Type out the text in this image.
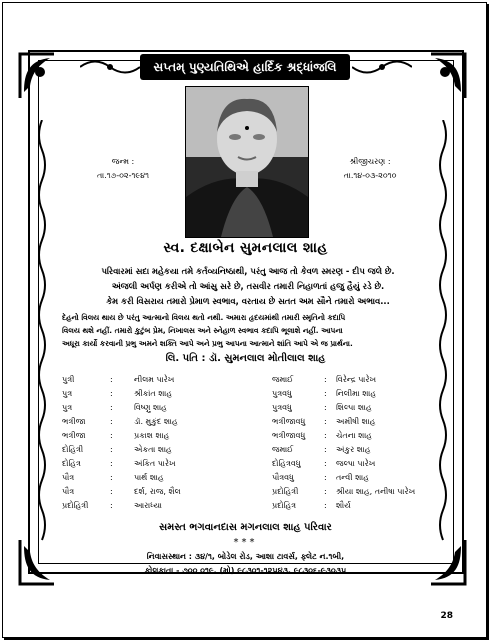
સપ્તમ્ પુણ્યતિથિએ હાર્દિક શ્રદ્ધાંજલિ
જન્મ :
તા.૧૭-૦૨-૧૯૪૧
શ્રીજીચરણ :
તા.૧૪-૦૩-૨૦૧૦
સ્વ. દક્ષાબેન સુમનલાલ શાહ
પરિવારમાં સદા મહેકયા તમે કર્તવ્યનિષ્ઠાથી, પરંતુ આજ તો કેવળ સ્મરણ - દીપ જલે છે.
અંજલી અર્પણ કરીએ તો આંસુ સરે છે, તસવીર તમારી નિહાળતાં હજુ હૈયું રડે છે.
કેમ કરી વિસરાય તમારો પ્રેમાળ સ્વભાવ, વરતાય છે સતત અમ સૌને તમારો અભાવ...
દેહનો વિલય થાય છે પરંતુ આત્માનો વિલય થતો નથી. અમારા હૃદયમાંથી તમારી સ્મૃતિનો કદાપિ
વિલય થશે નહીં. તમારો કુટુંબ પ્રેમ, નિખાલસ અને સ્નેહાળ સ્વભાવ કદાપિ ભૂલાશે નહીં. આપના
અધૂરા કાર્યો કરવાની પ્રભુ અમને શક્તિ આપે અને પ્રભુ આપના આત્માને શાંતિ આપે એ જ પ્રાર્થના.
લિ. પતિ : ડૉ. સુમનલાલ મોતીલાલ શાહ
પુત્રી	:	નીલમ પારેખ	જમાઈ	: વિરેન્દ્ર પારેખ
પુત્ર	:	શ્રીકાંત શાહ	પુત્રવધુ	: નિલીમા શાહ
પુત્ર	:	વિષ્ણુ શાહ	પુત્રવધુ	: શિલ્પા શાહ
ભત્રીજા	:	ડૉ. મુકુંદ શાહ	ભત્રીજાવધુ : અમીષી શાહ
ભત્રીજા	:	પ્રકાશ શાહ	ભત્રીજાવધુ : ચેતના શાહ
દોહિત્રી	:	એકતા શાહ	જમાઈ	: અંકુર શાહ
દોહિત્ર	:	અંકિત પારેખ	દોહિત્રવધુ	: જલ્પા પારેખ
પૌત્ર	:	પાર્થ શાહ	પૌત્રવધુ	: તન્વી શાહ
પૌત્ર	:	દર્શ, રાજ, શૈલ	પ્રદોહિત્રી	: શ્રીયા શાહ, તનીષા પારેખ
પ્રદોહિત્રી	:	આરાધ્યા	પ્રદોહિત્ર	: શૌર્ય
સમસ્ત ભગવાનદાસ મગનલાલ શાહ પરિવાર
***
નિવાસસ્થાન : ૩૪/૧, બોડેલ રોડ, આશા ટાવર્સ, ફ્લેટ ન.૧બી,
કોલકાતા - ૭૦૦ ૦૧૯. (મો) ૯૮૩૦૧-૧૨૫૪૩, ૯૮૩૦૬-૯૩૦૩૫
28
